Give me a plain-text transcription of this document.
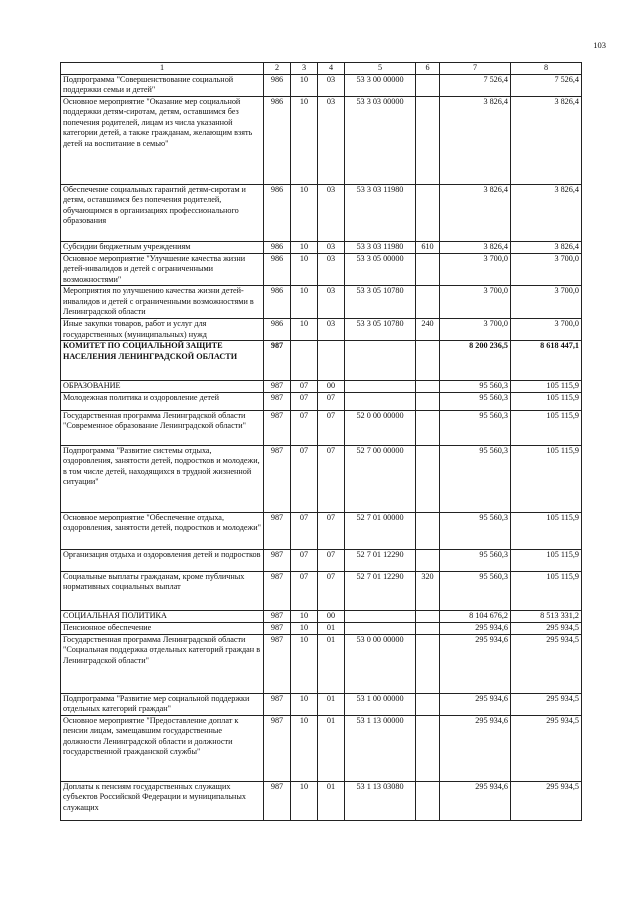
103
1	2	3	4	5	6	7	8
Подпрограмма "Совершенствование социальной поддержки семьи и детей"	986	10	03	53 3 00 00000		7 526,4	7 526,4
Основное мероприятие "Оказание мер социальной поддержки детям-сиротам, детям, оставшимся без попечения родителей, лицам из числа указанной категории детей, а также гражданам, желающим взять детей на воспитание в семью"	986	10	03	53 3 03 00000		3 826,4	3 826,4
Обеспечение социальных гарантий детям-сиротам и детям, оставшимся без попечения родителей, обучающимся в организациях профессионального образования	986	10	03	53 3 03 11980		3 826,4	3 826,4
Субсидии бюджетным учреждениям	986	10	03	53 3 03 11980	610	3 826,4	3 826,4
Основное мероприятие "Улучшение качества жизни детей-инвалидов и детей с ограниченными возможностями"	986	10	03	53 3 05 00000		3 700,0	3 700,0
Мероприятия по улучшению качества жизни детей-инвалидов и детей с ограниченными возможностями в Ленинградской области	986	10	03	53 3 05 10780		3 700,0	3 700,0
Иные закупки товаров, работ и услуг для государственных (муниципальных) нужд	986	10	03	53 3 05 10780	240	3 700,0	3 700,0
КОМИТЕТ ПО СОЦИАЛЬНОЙ ЗАЩИТЕ НАСЕЛЕНИЯ ЛЕНИНГРАДСКОЙ ОБЛАСТИ	987					8 200 236,5	8 618 447,1
ОБРАЗОВАНИЕ	987	07	00			95 560,3	105 115,9
Молодежная политика и оздоровление детей	987	07	07			95 560,3	105 115,9
Государственная программа Ленинградской области "Современное образование Ленинградской области"	987	07	07	52 0 00 00000		95 560,3	105 115,9
Подпрограмма "Развитие системы отдыха, оздоровления, занятости детей, подростков и молодежи, в том числе детей, находящихся в трудной жизненной ситуации"	987	07	07	52 7 00 00000		95 560,3	105 115,9
Основное мероприятие "Обеспечение отдыха, оздоровления, занятости детей, подростков и молодежи"	987	07	07	52 7 01 00000		95 560,3	105 115,9
Организация отдыха и оздоровления детей и подростков	987	07	07	52 7 01 12290		95 560,3	105 115,9
Социальные выплаты гражданам, кроме публичных нормативных социальных выплат	987	07	07	52 7 01 12290	320	95 560,3	105 115,9
СОЦИАЛЬНАЯ ПОЛИТИКА	987	10	00			8 104 676,2	8 513 331,2
Пенсионное обеспечение	987	10	01			295 934,6	295 934,5
Государственная программа Ленинградской области "Социальная поддержка отдельных категорий граждан в Ленинградской области"	987	10	01	53 0 00 00000		295 934,6	295 934,5
Подпрограмма "Развитие мер социальной поддержки отдельных категорий граждан"	987	10	01	53 1 00 00000		295 934,6	295 934,5
Основное мероприятие "Предоставление доплат к пенсии лицам, замещавшим государственные должности Ленинградской области и должности государственной гражданской службы"	987	10	01	53 1 13 00000		295 934,6	295 934,5
Доплаты к пенсиям государственных служащих субъектов Российской Федерации и муниципальных служащих	987	10	01	53 1 13 03080		295 934,6	295 934,5
